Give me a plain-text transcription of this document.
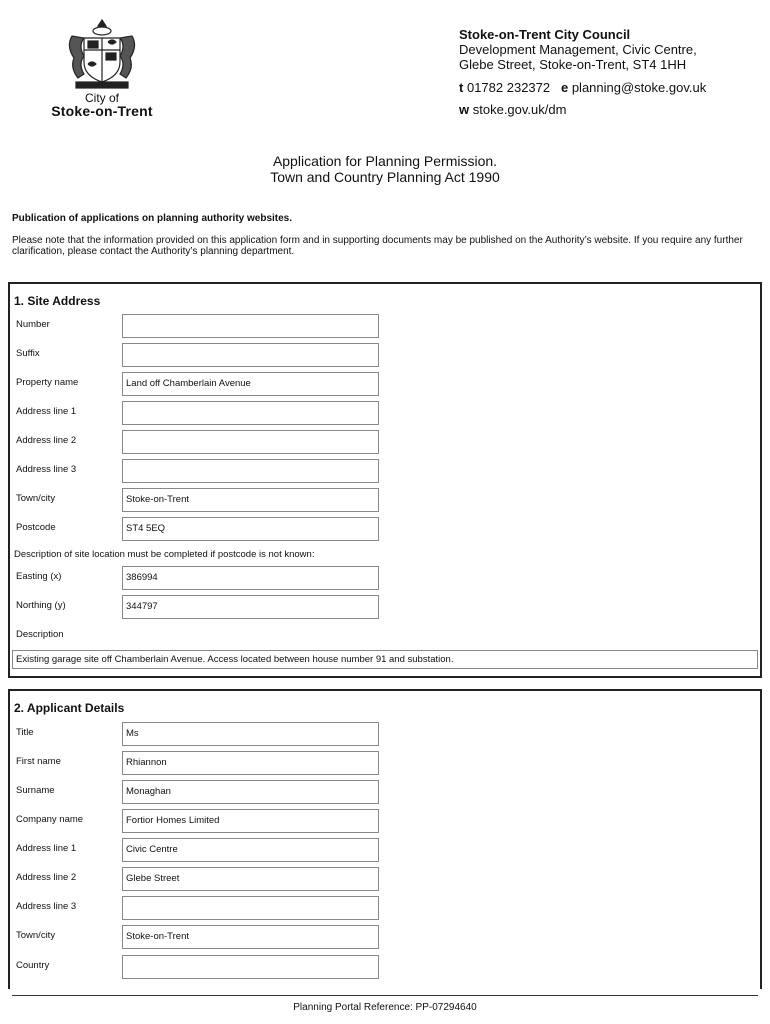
City of
Stoke-on-Trent
Stoke-on-Trent City Council
Development Management, Civic Centre,
Glebe Street, Stoke-on-Trent, ST4 1HH
t 01782 232372 e planning@stoke.gov.uk
w stoke.gov.uk/dm
Application for Planning Permission.
Town and Country Planning Act 1990
Publication of applications on planning authority websites.
Please note that the information provided on this application form and in supporting documents may be published on the Authority’s website. If you require any further clarification, please contact the Authority’s planning department.
1. Site Address
Number
Suffix
Property name	Land off Chamberlain Avenue
Address line 1
Address line 2
Address line 3
Town/city	Stoke-on-Trent
Postcode	ST4 5EQ
Description of site location must be completed if postcode is not known:
Easting (x)	386994
Northing (y)	344797
Description
Existing garage site off Chamberlain Avenue. Access located between house number 91 and substation.
2. Applicant Details
Title	Ms
First name	Rhiannon
Surname	Monaghan
Company name	Fortior Homes Limited
Address line 1	Civic Centre
Address line 2	Glebe Street
Address line 3
Town/city	Stoke-on-Trent
Country
Planning Portal Reference: PP-07294640
